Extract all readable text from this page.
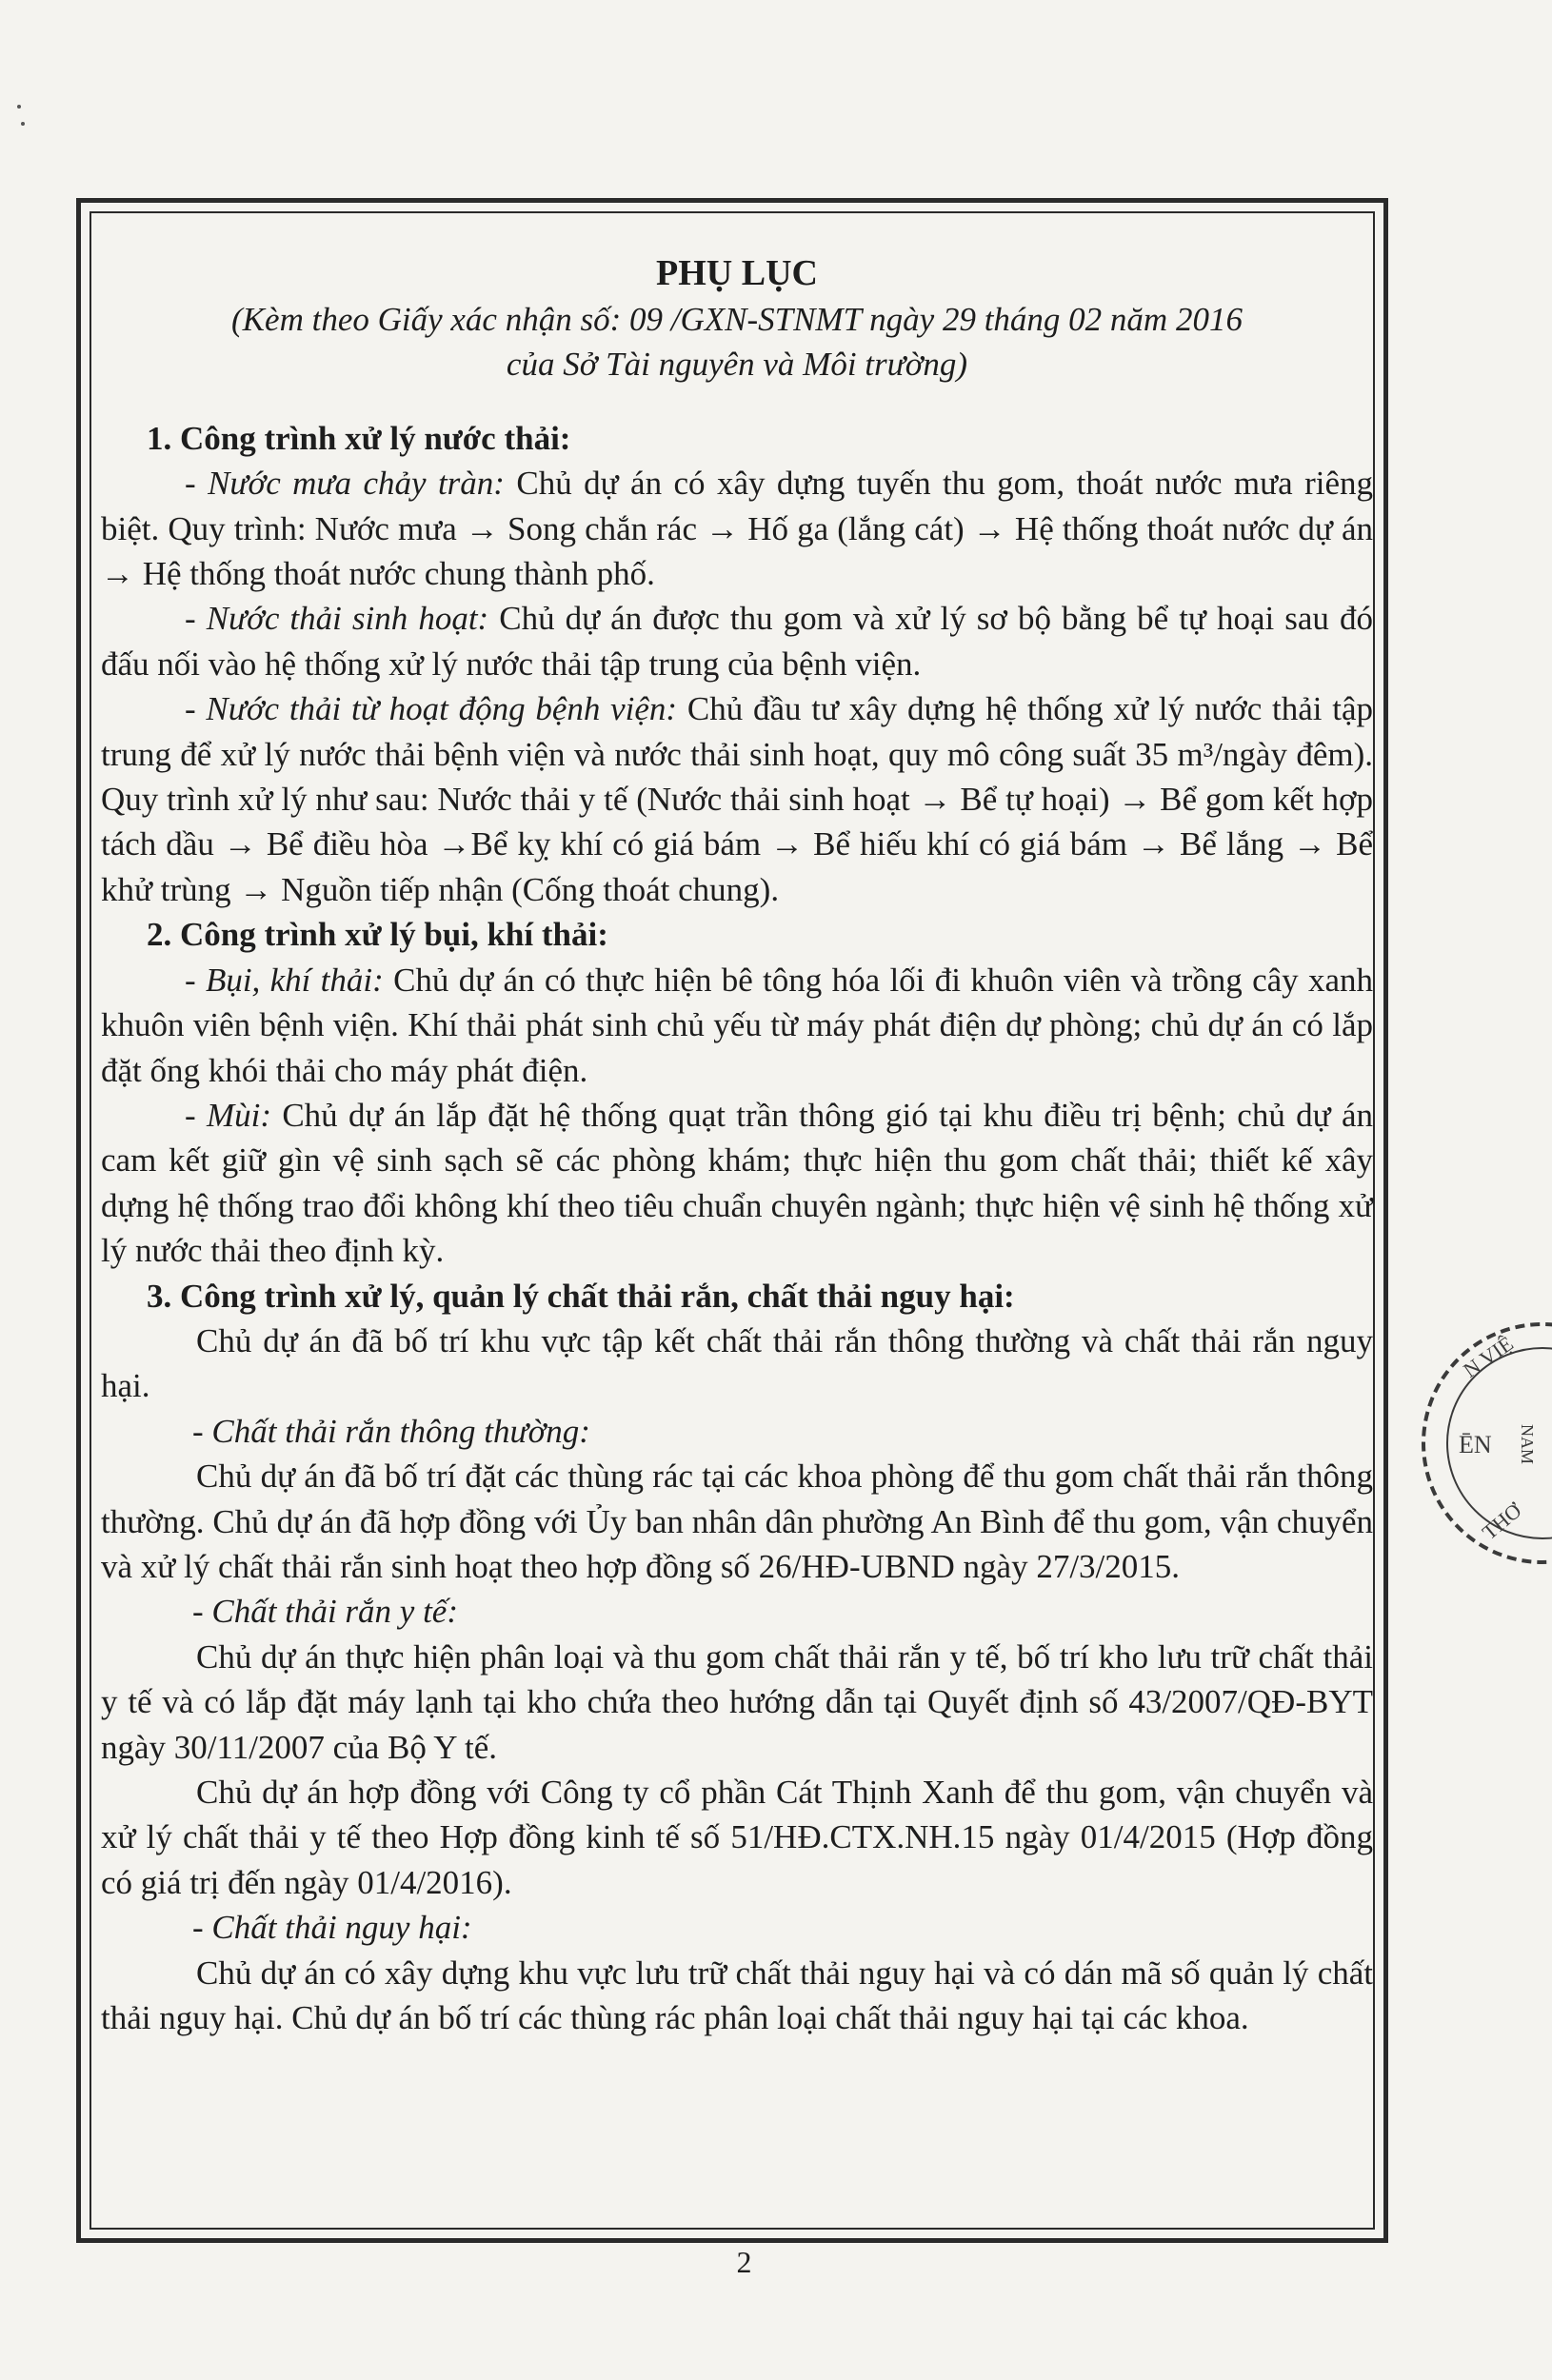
PHỤ LỤC

(Kèm theo Giấy xác nhận số: 09 /GXN-STNMT ngày 29 tháng 02 năm 2016

của Sở Tài nguyên và Môi trường)

1. Công trình xử lý nước thải:

- Nước mưa chảy tràn: Chủ dự án có xây dựng tuyến thu gom, thoát nước mưa riêng biệt. Quy trình: Nước mưa → Song chắn rác → Hố ga (lắng cát) → Hệ thống thoát nước dự án → Hệ thống thoát nước chung thành phố.

- Nước thải sinh hoạt: Chủ dự án được thu gom và xử lý sơ bộ bằng bể tự hoại sau đó đấu nối vào hệ thống xử lý nước thải tập trung của bệnh viện.

- Nước thải từ hoạt động bệnh viện: Chủ đầu tư xây dựng hệ thống xử lý nước thải tập trung để xử lý nước thải bệnh viện và nước thải sinh hoạt, quy mô công suất 35 m³/ngày đêm). Quy trình xử lý như sau: Nước thải y tế (Nước thải sinh hoạt → Bể tự hoại) → Bể gom kết hợp tách dầu → Bể điều hòa →Bể kỵ khí có giá bám → Bể hiếu khí có giá bám → Bể lắng → Bể khử trùng → Nguồn tiếp nhận (Cống thoát chung).

2. Công trình xử lý bụi, khí thải:

- Bụi, khí thải: Chủ dự án có thực hiện bê tông hóa lối đi khuôn viên và trồng cây xanh khuôn viên bệnh viện. Khí thải phát sinh chủ yếu từ máy phát điện dự phòng; chủ dự án có lắp đặt ống khói thải cho máy phát điện.

- Mùi: Chủ dự án lắp đặt hệ thống quạt trần thông gió tại khu điều trị bệnh; chủ dự án cam kết giữ gìn vệ sinh sạch sẽ các phòng khám; thực hiện thu gom chất thải; thiết kế xây dựng hệ thống trao đổi không khí theo tiêu chuẩn chuyên ngành; thực hiện vệ sinh hệ thống xử lý nước thải theo định kỳ.

3. Công trình xử lý, quản lý chất thải rắn, chất thải nguy hại:

Chủ dự án đã bố trí khu vực tập kết chất thải rắn thông thường và chất thải rắn nguy hại.

- Chất thải rắn thông thường:

Chủ dự án đã bố trí đặt các thùng rác tại các khoa phòng để thu gom chất thải rắn thông thường. Chủ dự án đã hợp đồng với Ủy ban nhân dân phường An Bình để thu gom, vận chuyển và xử lý chất thải rắn sinh hoạt theo hợp đồng số 26/HĐ-UBND ngày 27/3/2015.

- Chất thải rắn y tế:

Chủ dự án thực hiện phân loại và thu gom chất thải rắn y tế, bố trí kho lưu trữ chất thải y tế và có lắp đặt máy lạnh tại kho chứa theo hướng dẫn tại Quyết định số 43/2007/QĐ-BYT ngày 30/11/2007 của Bộ Y tế.

Chủ dự án hợp đồng với Công ty cổ phần Cát Thịnh Xanh để thu gom, vận chuyển và xử lý chất thải y tế theo Hợp đồng kinh tế số 51/HĐ.CTX.NH.15 ngày 01/4/2015 (Hợp đồng có giá trị đến ngày 01/4/2016).

- Chất thải nguy hại:

Chủ dự án có xây dựng khu vực lưu trữ chất thải nguy hại và có dán mã số quản lý chất thải nguy hại. Chủ dự án bố trí các thùng rác phân loại chất thải nguy hại tại các khoa.

2
N VIỆ
ĒN
THƠ
NAM
